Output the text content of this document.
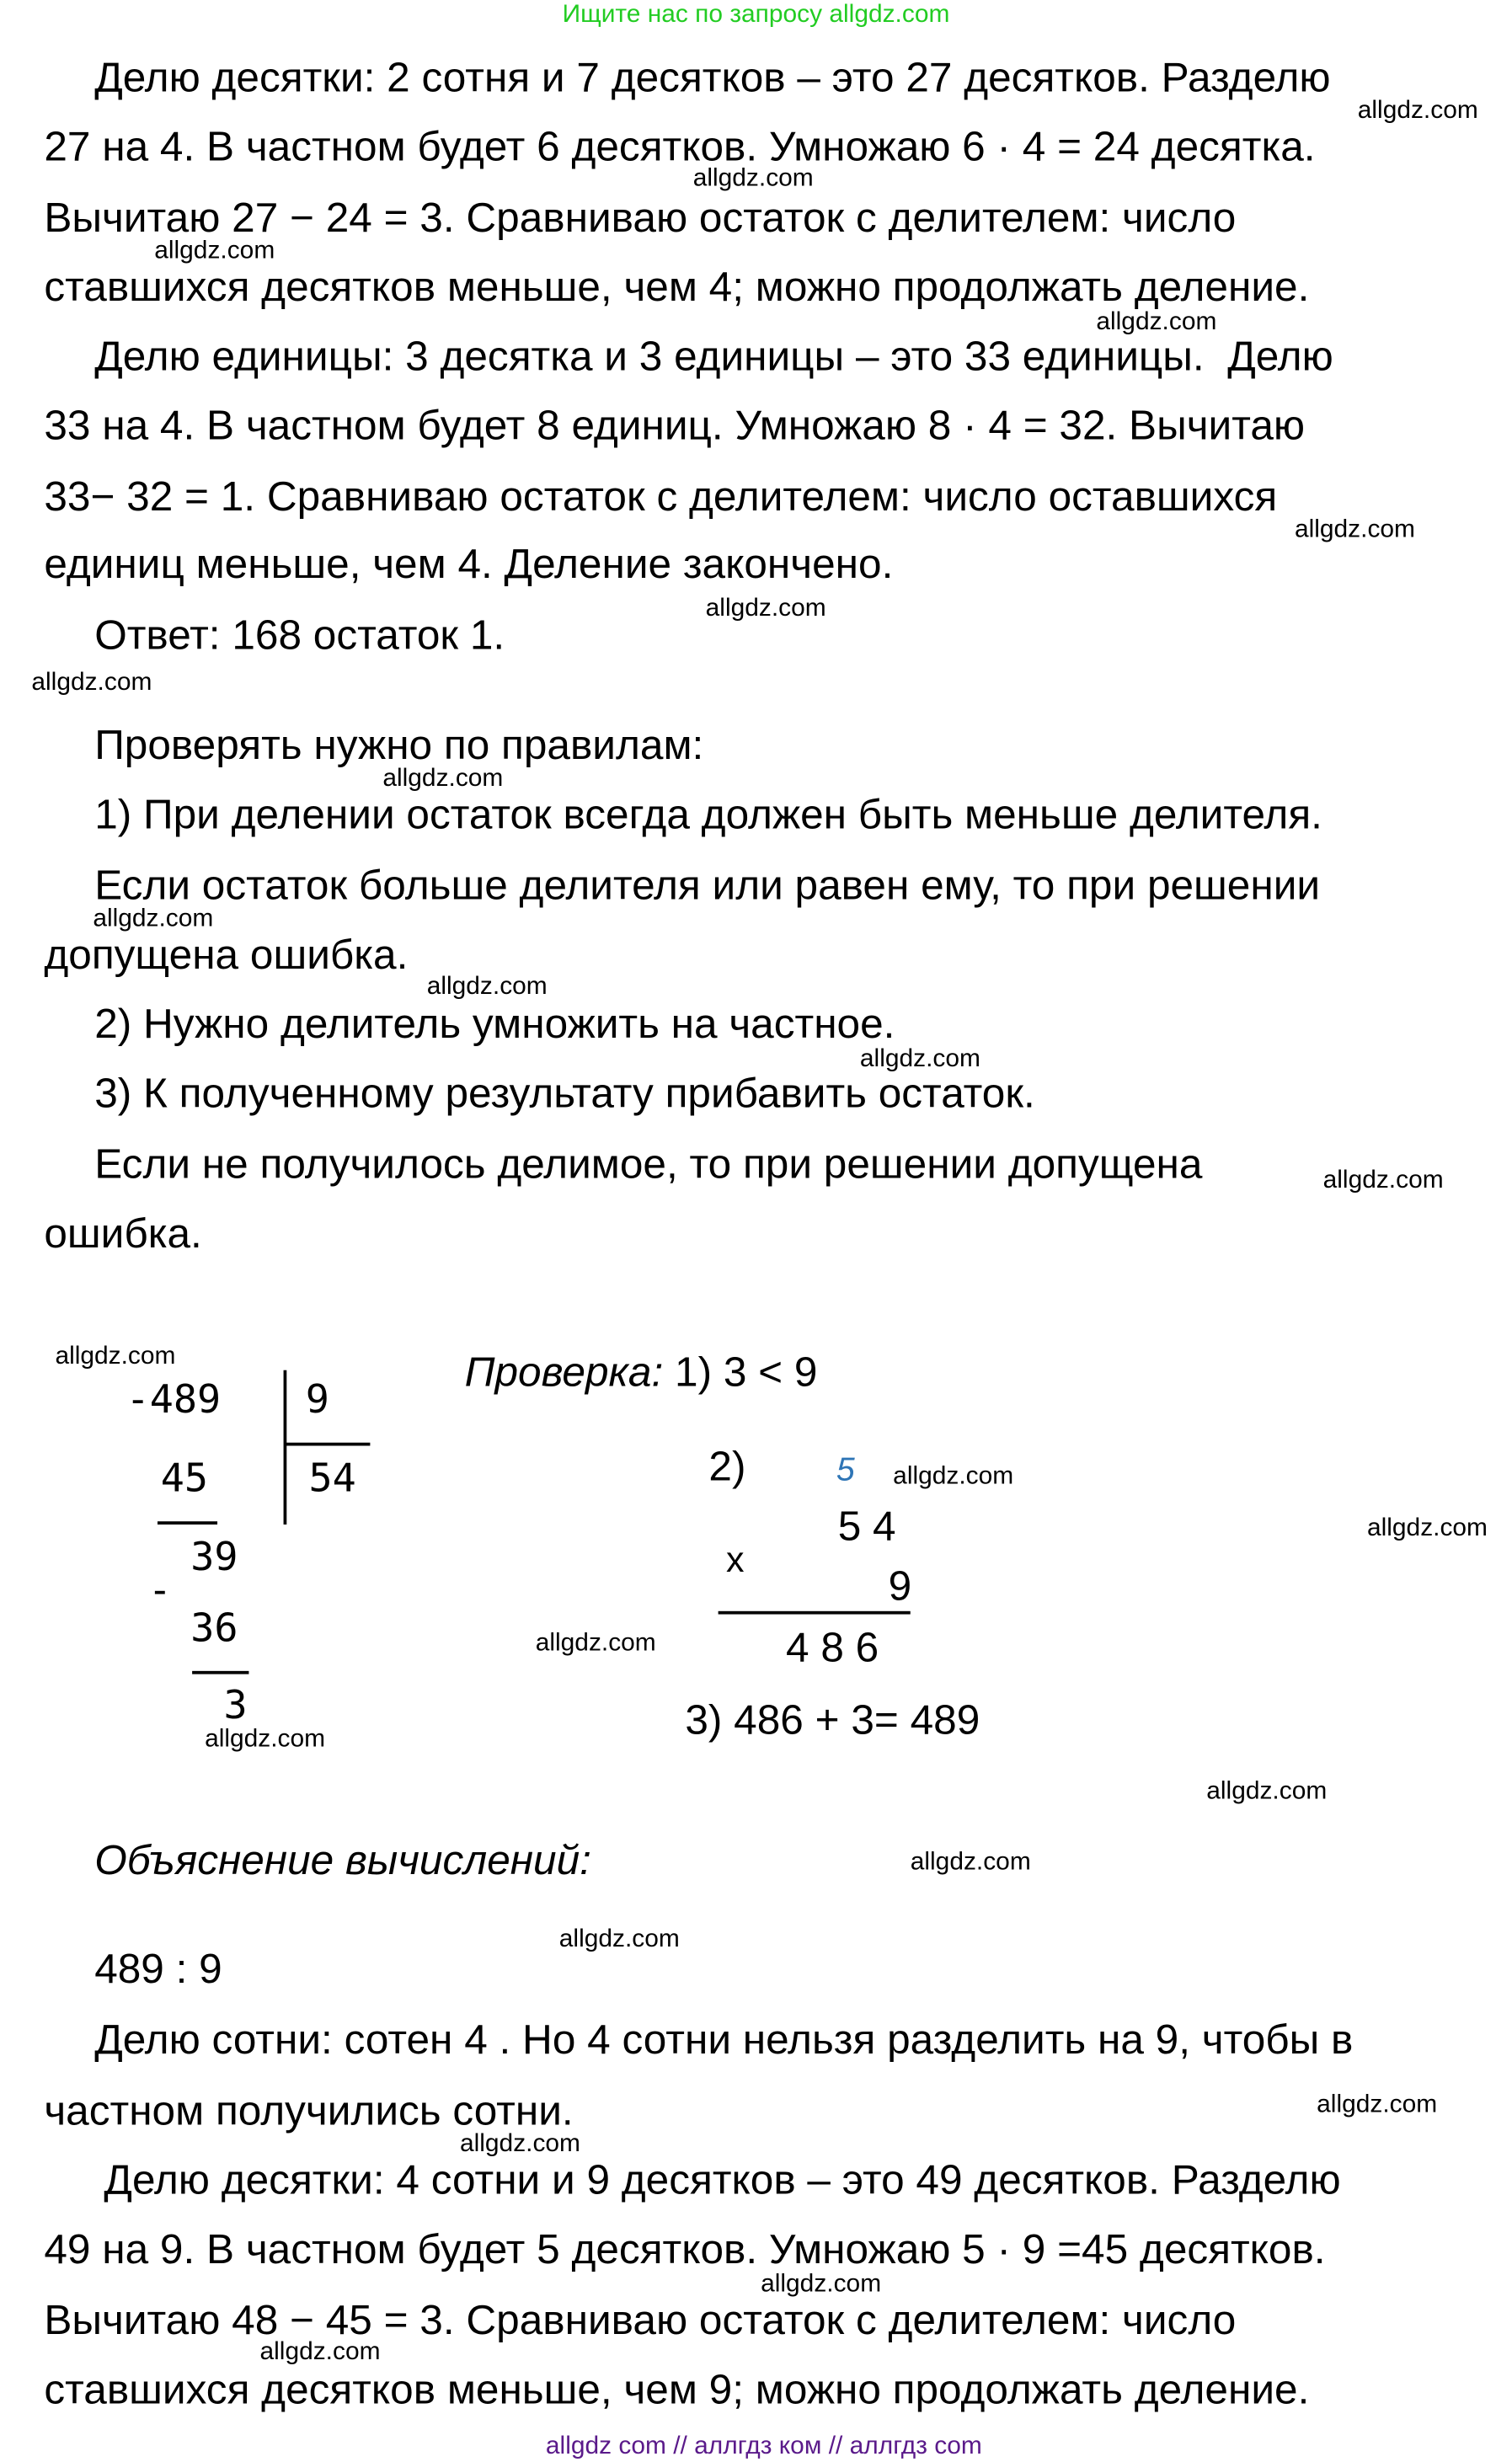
Ищите нас по запросу allgdz.com
Делю десятки: 2 сотня и 7 десятков – это 27 десятков. Разделю
27 на 4. В частном будет 6 десятков. Умножаю 6 · 4 = 24 десятка.
Вычитаю 27 − 24 = 3. Сравниваю остаток с делителем: число
ставшихся десятков меньше, чем 4; можно продолжать деление.
Делю единицы: 3 десятка и 3 единицы – это 33 единицы.  Делю
33 на 4. В частном будет 8 единиц. Умножаю 8 · 4 = 32. Вычитаю
33− 32 = 1. Сравниваю остаток с делителем: число оставшихся
единиц меньше, чем 4. Деление закончено.
Ответ: 168 остаток 1.
Проверять нужно по правилам:
1) При делении остаток всегда должен быть меньше делителя.
Если остаток больше делителя или равен ему, то при решении
допущена ошибка.
2) Нужно делитель умножить на частное.
3) К полученному результату прибавить остаток.
Если не получилось делимое, то при решении допущена
ошибка.
-489	9
45	54
39
-
36
3
Проверка: 1) 3 < 9
2)	5
5 4
x
9
4 8 6
3) 486 + 3= 489
Объяснение вычислений:
489 : 9
Делю сотни: сотен 4 . Но 4 сотни нельзя разделить на 9, чтобы в
частном получились сотни.
Делю десятки: 4 сотни и 9 десятков – это 49 десятков. Разделю
49 на 9. В частном будет 5 десятков. Умножаю 5 · 9 =45 десятков.
Вычитаю 48 − 45 = 3. Сравниваю остаток с делителем: число
ставшихся десятков меньше, чем 9; можно продолжать деление.
allgdz.com
allgdz.com
allgdz.com
allgdz.com
allgdz.com
allgdz.com
allgdz.com
allgdz.com
allgdz.com
allgdz.com
allgdz.com
allgdz.com
allgdz.com
allgdz.com
allgdz.com
allgdz.com
allgdz.com
allgdz.com
allgdz.com
allgdz.com
allgdz.com
allgdz.com
allgdz.com
allgdz.com
allgdz com // аллгдз ком // аллгдз com
